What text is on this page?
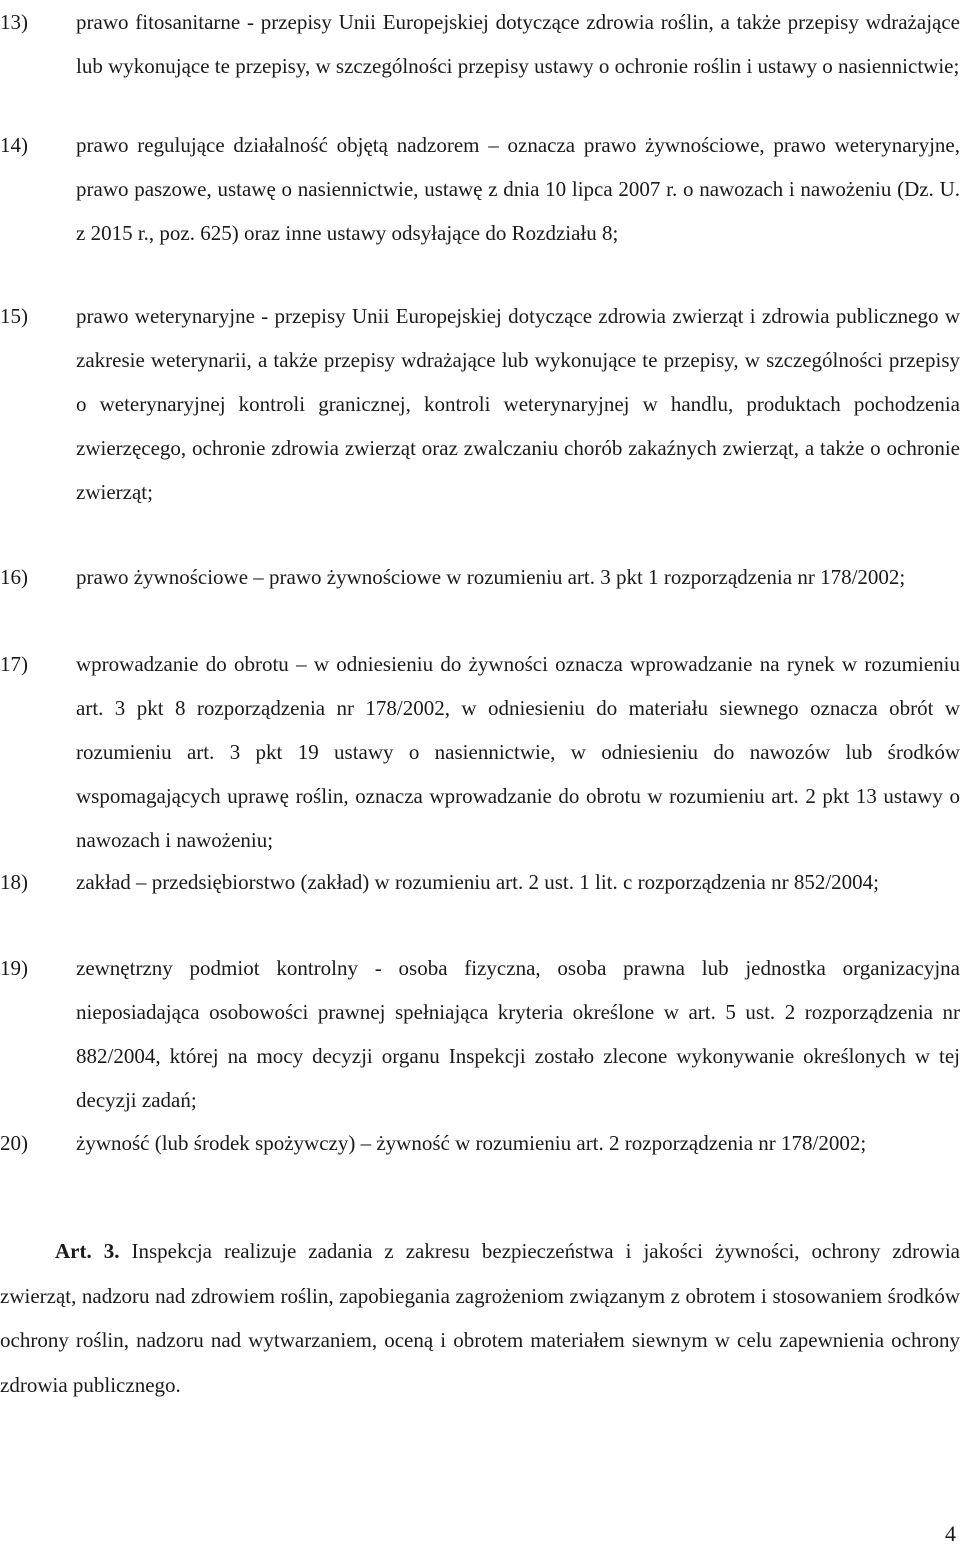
13)	prawo fitosanitarne - przepisy Unii Europejskiej dotyczące zdrowia roślin, a także przepisy wdrażające lub wykonujące te przepisy, w szczególności przepisy ustawy o ochronie roślin i ustawy o nasiennictwie;
14)	prawo regulujące działalność objętą nadzorem – oznacza prawo żywnościowe, prawo weterynaryjne, prawo paszowe, ustawę o nasiennictwie, ustawę z dnia 10 lipca 2007 r. o nawozach i nawożeniu (Dz. U. z 2015 r., poz. 625) oraz inne ustawy odsyłające do Rozdziału 8;
15)	prawo weterynaryjne - przepisy Unii Europejskiej dotyczące zdrowia zwierząt i zdrowia publicznego w zakresie weterynarii, a także przepisy wdrażające lub wykonujące te przepisy, w szczególności przepisy o weterynaryjnej kontroli granicznej, kontroli weterynaryjnej w handlu, produktach pochodzenia zwierzęcego, ochronie zdrowia zwierząt oraz zwalczaniu chorób zakaźnych zwierząt, a także o ochronie zwierząt;
16)	prawo żywnościowe – prawo żywnościowe w rozumieniu art. 3 pkt 1 rozporządzenia nr 178/2002;
17)	wprowadzanie do obrotu – w odniesieniu do żywności oznacza wprowadzanie na rynek w rozumieniu art. 3 pkt 8 rozporządzenia nr 178/2002, w odniesieniu do materiału siewnego oznacza obrót w rozumieniu art. 3 pkt 19 ustawy o nasiennictwie, w odniesieniu do nawozów lub środków wspomagających uprawę roślin, oznacza wprowadzanie do obrotu w rozumieniu art. 2 pkt 13 ustawy o nawozach i nawożeniu;
18)	zakład – przedsiębiorstwo (zakład) w rozumieniu art. 2 ust. 1 lit. c rozporządzenia nr 852/2004;
19)	zewnętrzny podmiot kontrolny - osoba fizyczna, osoba prawna lub jednostka organizacyjna nieposiadająca osobowości prawnej spełniająca kryteria określone w art. 5 ust. 2 rozporządzenia nr 882/2004, której na mocy decyzji organu Inspekcji zostało zlecone wykonywanie określonych w tej decyzji zadań;
20)	żywność (lub środek spożywczy) – żywność w rozumieniu art. 2 rozporządzenia nr 178/2002;

Art. 3. Inspekcja realizuje zadania z zakresu bezpieczeństwa i jakości żywności, ochrony zdrowia zwierząt, nadzoru nad zdrowiem roślin, zapobiegania zagrożeniom związanym z obrotem i stosowaniem środków ochrony roślin, nadzoru nad wytwarzaniem, oceną i obrotem materiałem siewnym w celu zapewnienia ochrony zdrowia publicznego.

4
